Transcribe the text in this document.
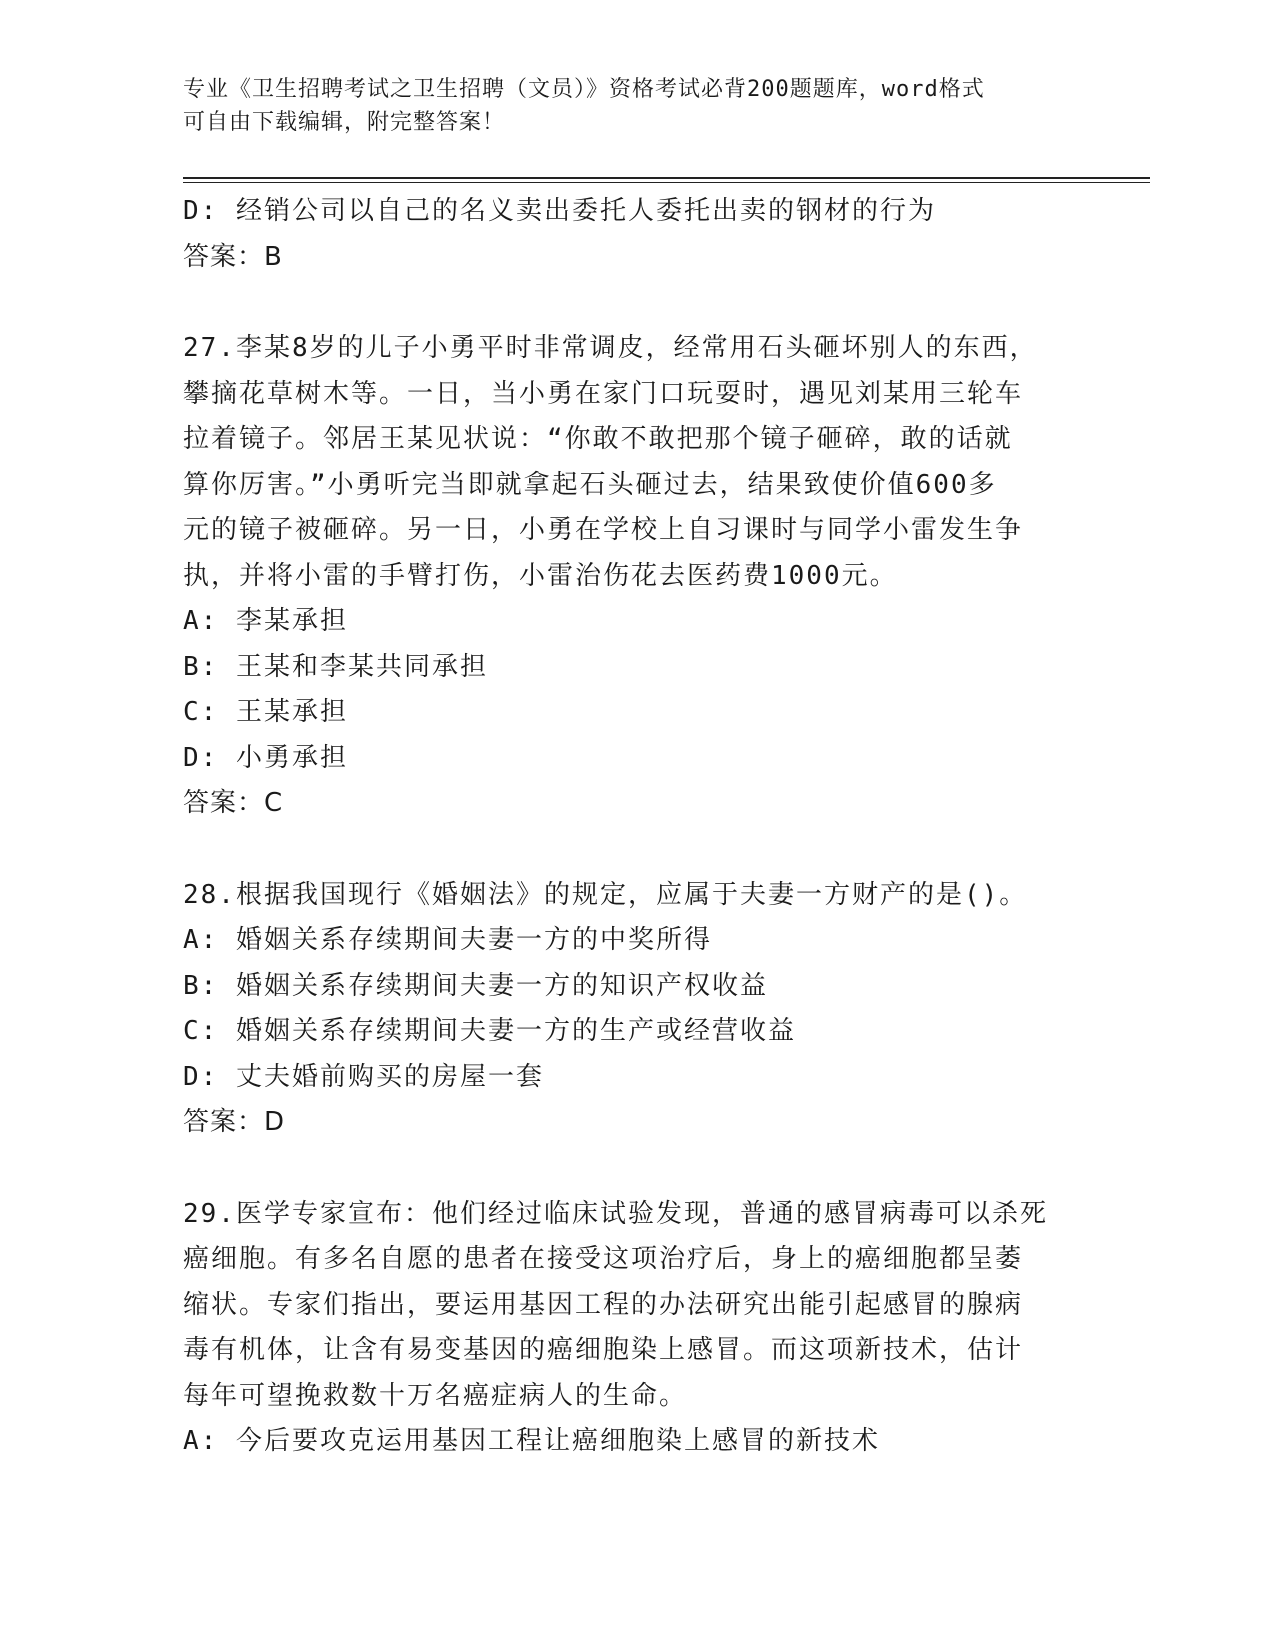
专业《卫生招聘考试之卫生招聘（文员）》资格考试必背200题题库，word格式
可自由下载编辑，附完整答案！
D: 经销公司以自己的名义卖出委托人委托出卖的钢材的行为
答案：B
27.李某8岁的儿子小勇平时非常调皮，经常用石头砸坏别人的东西，
攀摘花草树木等。一日，当小勇在家门口玩耍时，遇见刘某用三轮车
拉着镜子。邻居王某见状说：“你敢不敢把那个镜子砸碎，敢的话就
算你厉害。”小勇听完当即就拿起石头砸过去，结果致使价值600多
元的镜子被砸碎。另一日，小勇在学校上自习课时与同学小雷发生争
执，并将小雷的手臂打伤，小雷治伤花去医药费1000元。
A: 李某承担
B: 王某和李某共同承担
C: 王某承担
D: 小勇承担
答案：C
28.根据我国现行《婚姻法》的规定，应属于夫妻一方财产的是()。
A: 婚姻关系存续期间夫妻一方的中奖所得
B: 婚姻关系存续期间夫妻一方的知识产权收益
C: 婚姻关系存续期间夫妻一方的生产或经营收益
D: 丈夫婚前购买的房屋一套
答案：D
29.医学专家宣布：他们经过临床试验发现，普通的感冒病毒可以杀死
癌细胞。有多名自愿的患者在接受这项治疗后，身上的癌细胞都呈萎
缩状。专家们指出，要运用基因工程的办法研究出能引起感冒的腺病
毒有机体，让含有易变基因的癌细胞染上感冒。而这项新技术，估计
每年可望挽救数十万名癌症病人的生命。
A: 今后要攻克运用基因工程让癌细胞染上感冒的新技术
